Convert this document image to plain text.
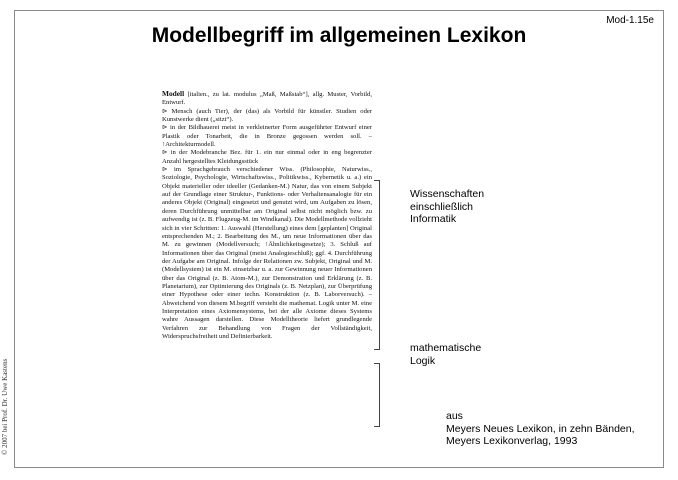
Mod-1.15e
Modellbegriff im allgemeinen Lexikon
© 2007 bei Prof. Dr. Uwe Kastens

Modell [italien., zu lat. modulus „Maß, Maßstab“], allg. Muster, Vorbild, Entwurf.

⊳ Mensch (auch Tier), der (das) als Vorbild für künstler. Studien oder Kunstwerke dient („sitzt“).

⊳ in der Bildhauerei meist in verkleinerter Form ausgeführter Entwurf einer Plastik oder Tonarbeit, die in Bronze gegossen werden soll. – ↑Architekturmodell.

⊳ in der Modebranche Bez. für 1. ein nur einmal oder in eng begrenzter Anzahl hergestelltes Kleidungsstück

⊳ im Sprachgebrauch verschiedener Wiss. (Philosophie, Naturwiss., Soziologie, Psychologie, Wirtschaftswiss., Politikwiss., Kybernetik u. a.) ein Objekt materieller oder ideeller (Gedanken-M.) Natur, das von einem Subjekt auf der Grundlage einer Struktur-, Funktions- oder Verhaltensanalogie für ein anderes Objekt (Original) eingesetzt und genutzt wird, um Aufgaben zu lösen, deren Durchführung unmittelbar am Original selbst nicht möglich bzw. zu aufwendig ist (z. B. Flugzeug-M. im Windkanal). Die Modellmethode vollzieht sich in vier Schritten: 1. Auswahl (Herstellung) eines dem [geplanten] Original entsprechenden M.; 2. Bearbeitung des M., um neue Informationen über das M. zu gewinnen (Modellversuch; ↑Ähnlichkeitsgesetze); 3. Schluß auf Informationen über das Original (meist Analogieschluß); ggf. 4. Durchführung der Aufgabe am Original. Infolge der Relationen zw. Subjekt, Original und M. (Modellsystem) ist ein M. einsetzbar u. a. zur Gewinnung neuer Informationen über das Original (z. B. Atom-M.), zur Demonstration und Erklärung (z. B. Planetarium), zur Optimierung des Originals (z. B. Netzplan), zur Überprüfung einer Hypothese oder einer techn. Konstruktion (z. B. Laborversuch). – Abweichend von diesem M.begriff versteht die mathemat. Logik unter M. eine Interpretation eines Axiomensystems, bei der alle Axiome dieses Systems wahre Aussagen darstellen. Diese Modelltheorie liefert grundlegende Verfahren zur Behandlung von Fragen der Vollständigkeit, Widerspruchsfreiheit und Definierbarkeit.

Wissenschaften
einschließlich
Informatik
mathematische
Logik
aus
Meyers Neues Lexikon, in zehn Bänden,
Meyers Lexikonverlag, 1993
